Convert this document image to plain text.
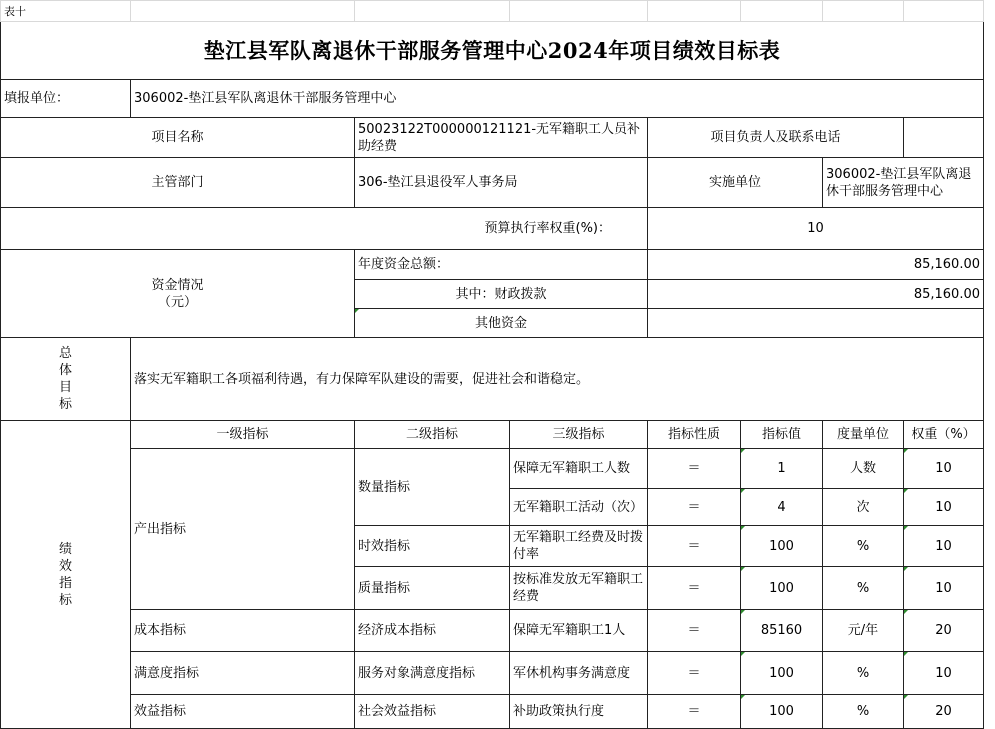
表十							
垫江县军队离退休干部服务管理中心2024年项目绩效目标表							
填报单位：	306002-垫江县军队离退休干部服务管理中心						
项目名称		50023122T000000121121-无军籍职工人员补助经费		项目负责人及联系电话			
主管部门		306-垫江县退役军人事务局		实施单位		306002-垫江县军队离退休干部服务管理中心	
预算执行率权重(%)：				10			
资金情况
（元）		年度资金总额：		85,160.00			
		其中：财政拨款		85,160.00			

其他资金					

总
体
目
标	落实无军籍职工各项福利待遇，有力保障军队建设的需要，促进社会和谐稳定。						

绩
效
指
标	一级指标	二级指标	三级指标	指标性质	指标值	度量单位	权重（%）
	产出指标	数量指标	保障无军籍职工人数	＝	1	人数	10
			无军籍职工活动（次）	＝	4	次	10
		时效指标	无军籍职工经费及时拨付率	＝	100	%	10
		质量指标	按标准发放无军籍职工经费	＝	100	%	10
	成本指标	经济成本指标	保障无军籍职工1人	＝	85160	元/年	20
	满意度指标	服务对象满意度指标	军休机构事务满意度	＝	100	%	10
	效益指标	社会效益指标	补助政策执行度	＝	100	%	20
